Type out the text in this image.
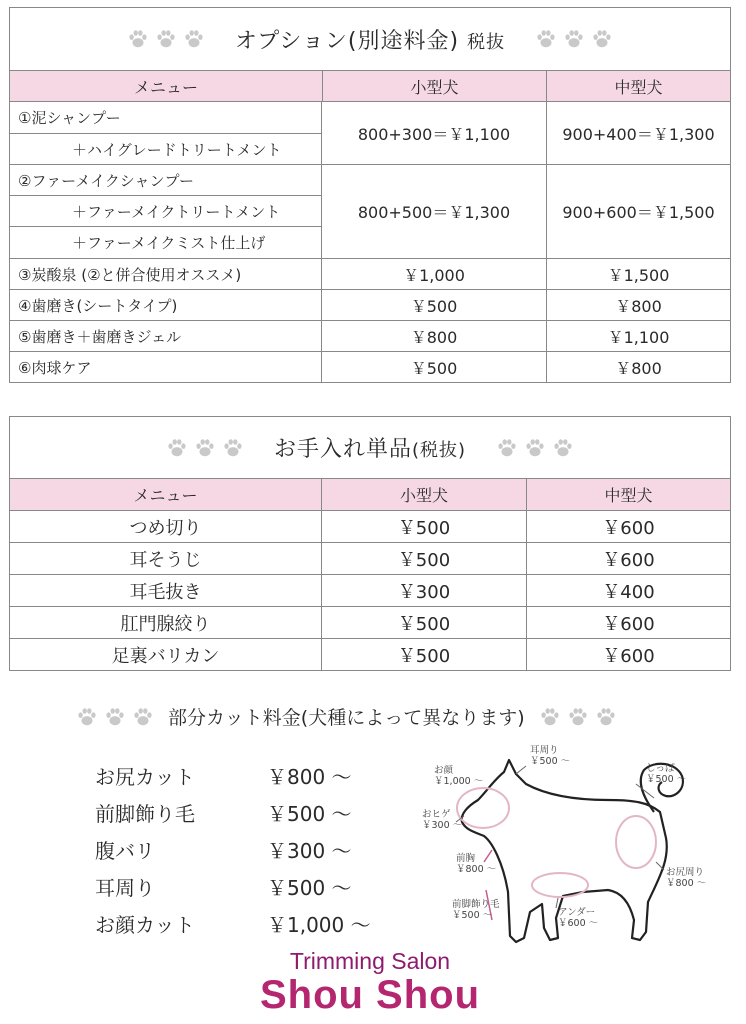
オプション(別途料金) 税抜
メニュー	小型犬	中型犬
①泥シャンプー
＋ハイグレードトリートメント
800+300＝￥1,100	900+400＝￥1,300
②ファーメイクシャンプー
＋ファーメイクトリートメント
＋ファーメイクミスト仕上げ
800+500＝￥1,300	900+600＝￥1,500
③炭酸泉 (②と併合使用オススメ)	￥1,000	￥1,500
④歯磨き(シートタイプ)	￥500	￥800
⑤歯磨き＋歯磨きジェル	￥800	￥1,100
⑥肉球ケア	￥500	￥800
お手入れ単品(税抜)
メニュー	小型犬	中型犬
つめ切り	￥500	￥600
耳そうじ	￥500	￥600
耳毛抜き	￥300	￥400
肛門腺絞り	￥500	￥600
足裏バリカン	￥500	￥600
部分カット料金(犬種によって異なります)
お尻カット	￥800 〜
前脚飾り毛	￥500 〜
腹バリ	￥300 〜
耳周り	￥500 〜
お顔カット	￥1,000 〜
耳周り
￥500 〜
お顔
￥1,000 〜
おヒゲ
￥300 〜
しっぽ
￥500 〜
前胸
￥800 〜	お尻周り
￥800 〜
前脚飾り毛
￥500 〜	アンダー
￥600 〜
Trimming Salon
Shou Shou
